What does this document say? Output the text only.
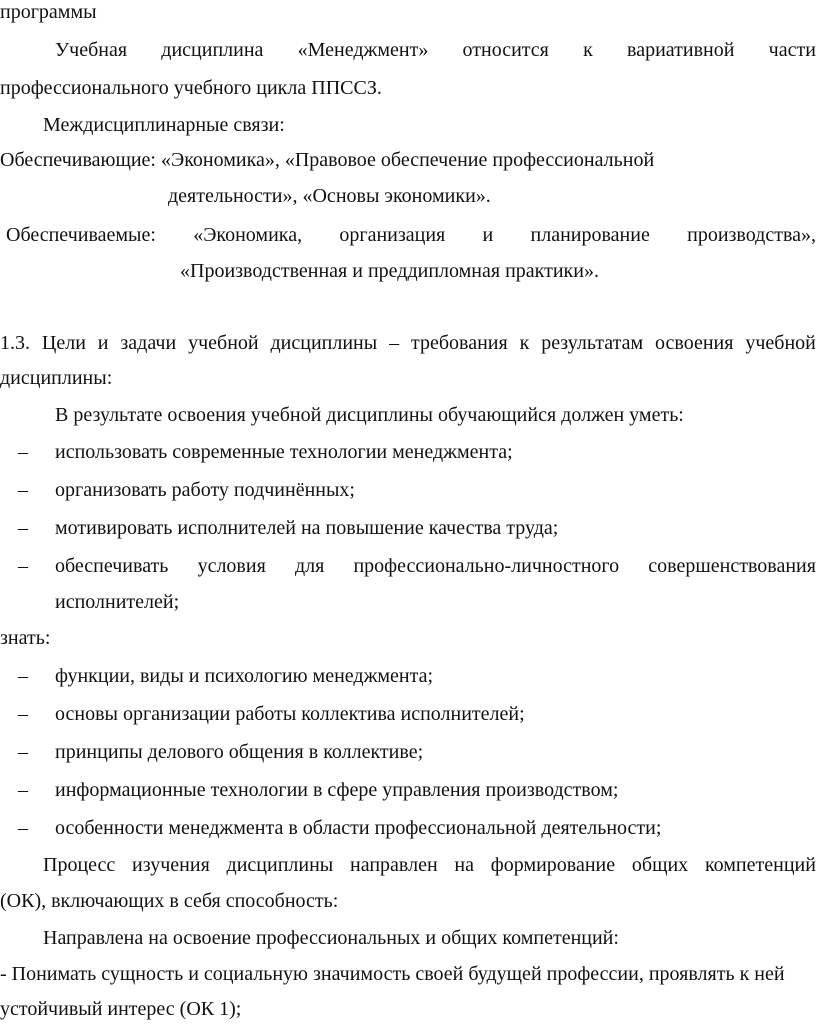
программы
Учебная дисциплина «Менеджмент» относится к вариативной части
профессионального учебного цикла ППССЗ.
Междисциплинарные связи:
Обеспечивающие: «Экономика», «Правовое обеспечение профессиональной
деятельности», «Основы экономики».
Обеспечиваемые: «Экономика, организация и планирование производства»,
«Производственная и преддипломная практики».
1.3. Цели и задачи учебной дисциплины – требования к результатам освоения учебной
дисциплины:
В результате освоения учебной дисциплины обучающийся должен уметь:
– использовать современные технологии менеджмента;
– организовать работу подчинённых;
– мотивировать исполнителей на повышение качества труда;
– обеспечивать условия для профессионально-личностного совершенствования
исполнителей;
знать:
– функции, виды и психологию менеджмента;
– основы организации работы коллектива исполнителей;
– принципы делового общения в коллективе;
– информационные технологии в сфере управления производством;
– особенности менеджмента в области профессиональной деятельности;
Процесс изучения дисциплины направлен на формирование общих компетенций
(ОК), включающих в себя способность:
Направлена на освоение профессиональных и общих компетенций:
- Понимать сущность и социальную значимость своей будущей профессии, проявлять к ней
устойчивый интерес (ОК 1);
